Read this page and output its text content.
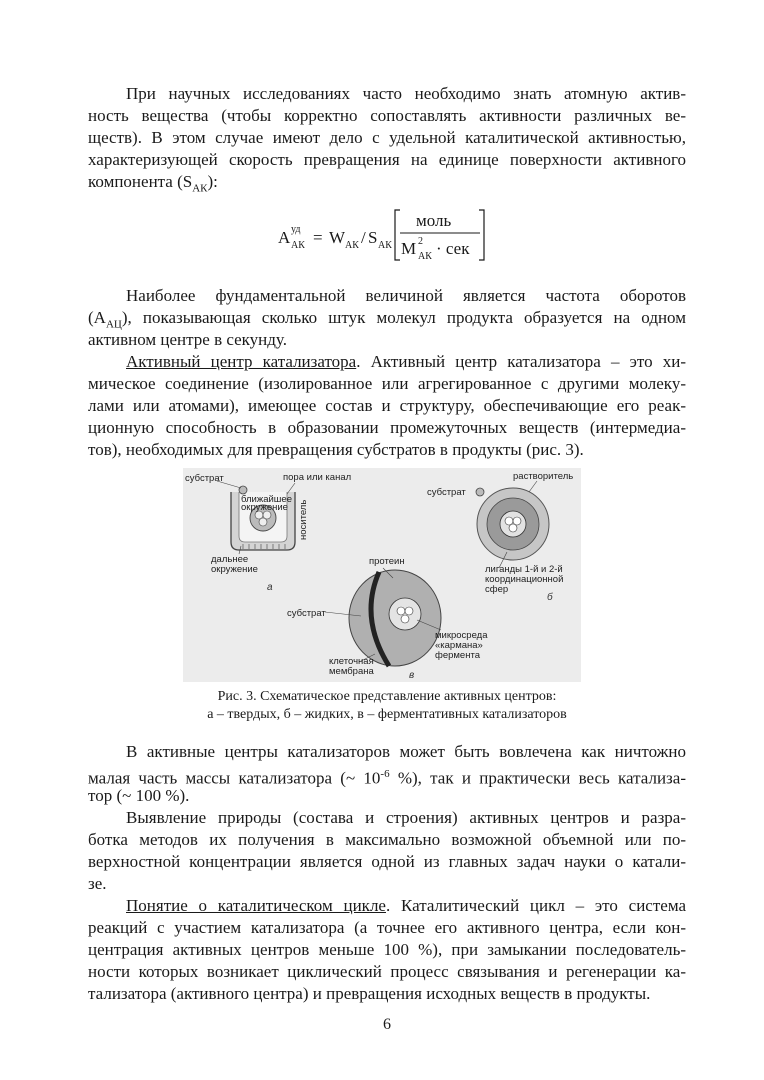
При научных исследованиях часто необходимо знать атомную актив-
ность вещества (чтобы корректно сопоставлять активности различных ве-
ществ). В этом случае имеют дело с удельной каталитической активностью,
характеризующей скорость превращения на единице поверхности активного
компонента $(S_{АК})$:
A уд
АК = W АК / S АК
моль
M 2
АК · сек
Наиболее фундаментальной величиной является частота оборотов
$(A_{АЦ})$, показывающая сколько штук молекул продукта образуется на одном
активном центре в секунду.
Активный центр катализатора. Активный центр катализатора – это хи-
мическое соединение (изолированное или агрегированное с другими молеку-
лами или атомами), имеющее состав и структуру, обеспечивающие его реак-
ционную способность в образовании промежуточных веществ (интермедиа-
тов), необходимых для превращения субстратов в продукты (рис. 3).
субстрат	пора или канал
ближайшее
окружение носитель
дальнее
окружение
а
субстрат
растворитель
лиганды 1-й и 2-й
координационной
сфер
б
протеин
субстрат
микросреда
«кармана»
фермента
клеточная
мембрана	в
Рис. 3. Схематическое представление активных центров:
а – твердых, б – жидких, в – ферментативных катализаторов
В активные центры катализаторов может быть вовлечена как ничтожно
малая часть массы катализатора (~ $10^{-6}$ %), так и практически весь катализа-
тор (~ 100 %).
Выявление природы (состава и строения) активных центров и разра-
ботка методов их получения в максимально возможной объемной или по-
верхностной концентрации является одной из главных задач науки о катали-
зе.
Понятие о каталитическом цикле. Каталитический цикл – это система
реакций с участием катализатора (а точнее его активного центра, если кон-
центрация активных центров меньше 100 %), при замыкании последователь-
ности которых возникает циклический процесс связывания и регенерации ка-
тализатора (активного центра) и превращения исходных веществ в продукты.
6
